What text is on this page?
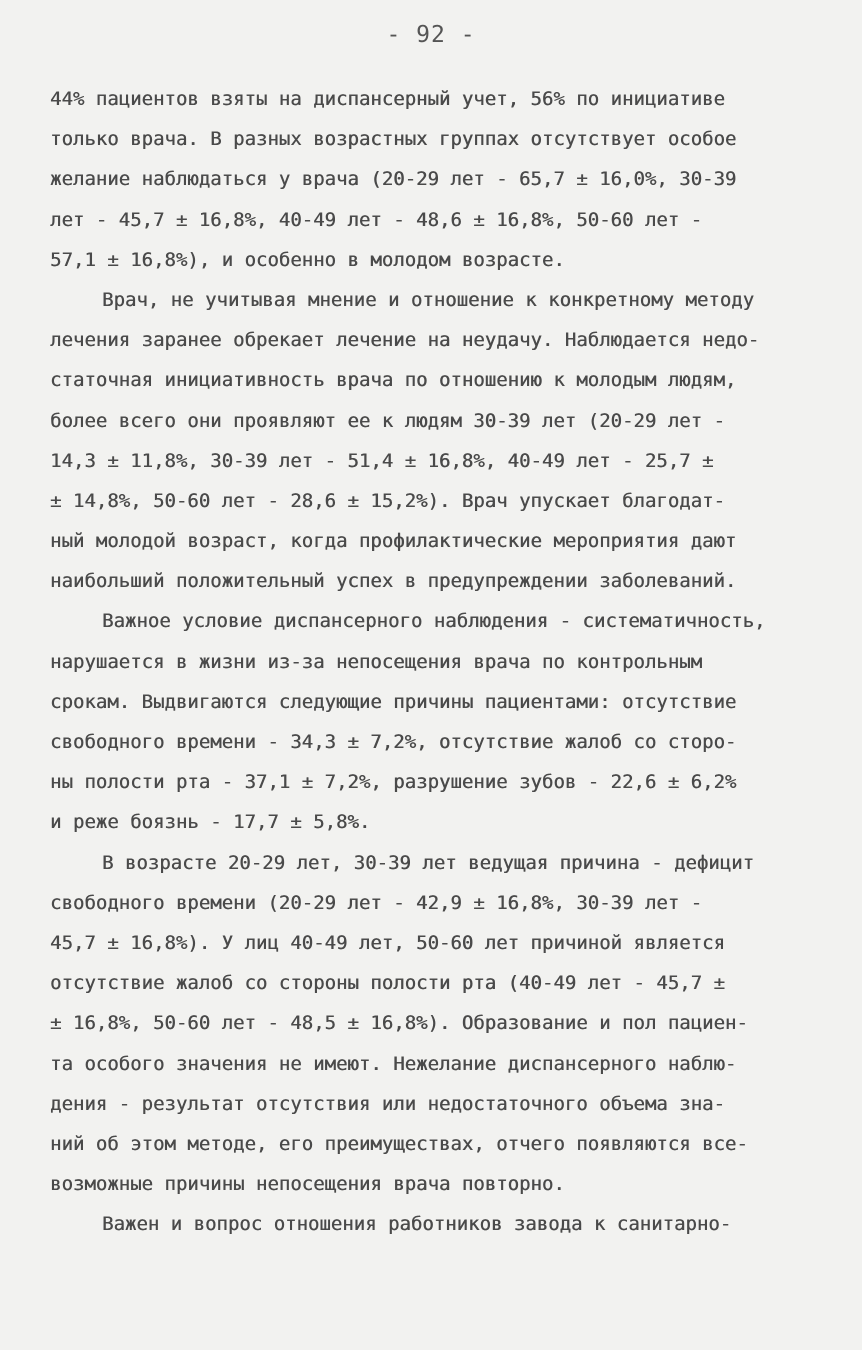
- 92 -
44% пациентов взяты на диспансерный учет, 56% по инициативе
только врача. В разных возрастных группах отсутствует особое
желание наблюдаться у врача (20-29 лет - 65,7 ± 16,0%, 30-39
лет - 45,7 ± 16,8%, 40-49 лет - 48,6 ± 16,8%, 50-60 лет -
57,1 ± 16,8%), и особенно в молодом возрасте.
Врач, не учитывая мнение и отношение к конкретному методу
лечения заранее обрекает лечение на неудачу. Наблюдается недо-
статочная инициативность врача по отношению к молодым людям,
более всего они проявляют ее к людям 30-39 лет (20-29 лет -
14,3 ± 11,8%, 30-39 лет - 51,4 ± 16,8%, 40-49 лет - 25,7 ±
± 14,8%, 50-60 лет - 28,6 ± 15,2%). Врач упускает благодат-
ный молодой возраст, когда профилактические мероприятия дают
наибольший положительный успех в предупреждении заболеваний.
Важное условие диспансерного наблюдения - систематичность,
нарушается в жизни из-за непосещения врача по контрольным
срокам. Выдвигаются следующие причины пациентами: отсутствие
свободного времени - 34,3 ± 7,2%, отсутствие жалоб со сторо-
ны полости рта - 37,1 ± 7,2%, разрушение зубов - 22,6 ± 6,2%
и реже боязнь - 17,7 ± 5,8%.
В возрасте 20-29 лет, 30-39 лет ведущая причина - дефицит
свободного времени (20-29 лет - 42,9 ± 16,8%, 30-39 лет -
45,7 ± 16,8%). У лиц 40-49 лет, 50-60 лет причиной является
отсутствие жалоб со стороны полости рта (40-49 лет - 45,7 ±
± 16,8%, 50-60 лет - 48,5 ± 16,8%). Образование и пол пациен-
та особого значения не имеют. Нежелание диспансерного наблю-
дения - результат отсутствия или недостаточного объема зна-
ний об этом методе, его преимуществах, отчего появляются все-
возможные причины непосещения врача повторно.
Важен и вопрос отношения работников завода к санитарно-
